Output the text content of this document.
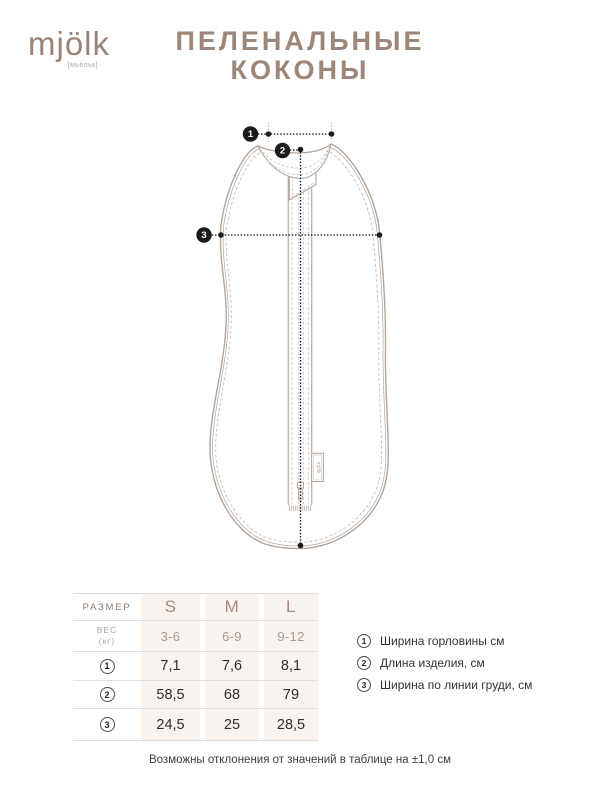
mjölk
[мьёльк]
ПЕЛЕНАЛЬНЫЕ
КОКОНЫ
mjölk
1
2
3
РАЗМЕР	S	M	L
ВЕС
(кг)	3-6	6-9	9-12
1	7,1	7,6	8,1
2	58,5	68	79
3	24,5	25	28,5
1	Ширина горловины см
2	Длина изделия, см
3	Ширина по линии груди, см
Возможны отклонения от значений в таблице на ±1,0 см
